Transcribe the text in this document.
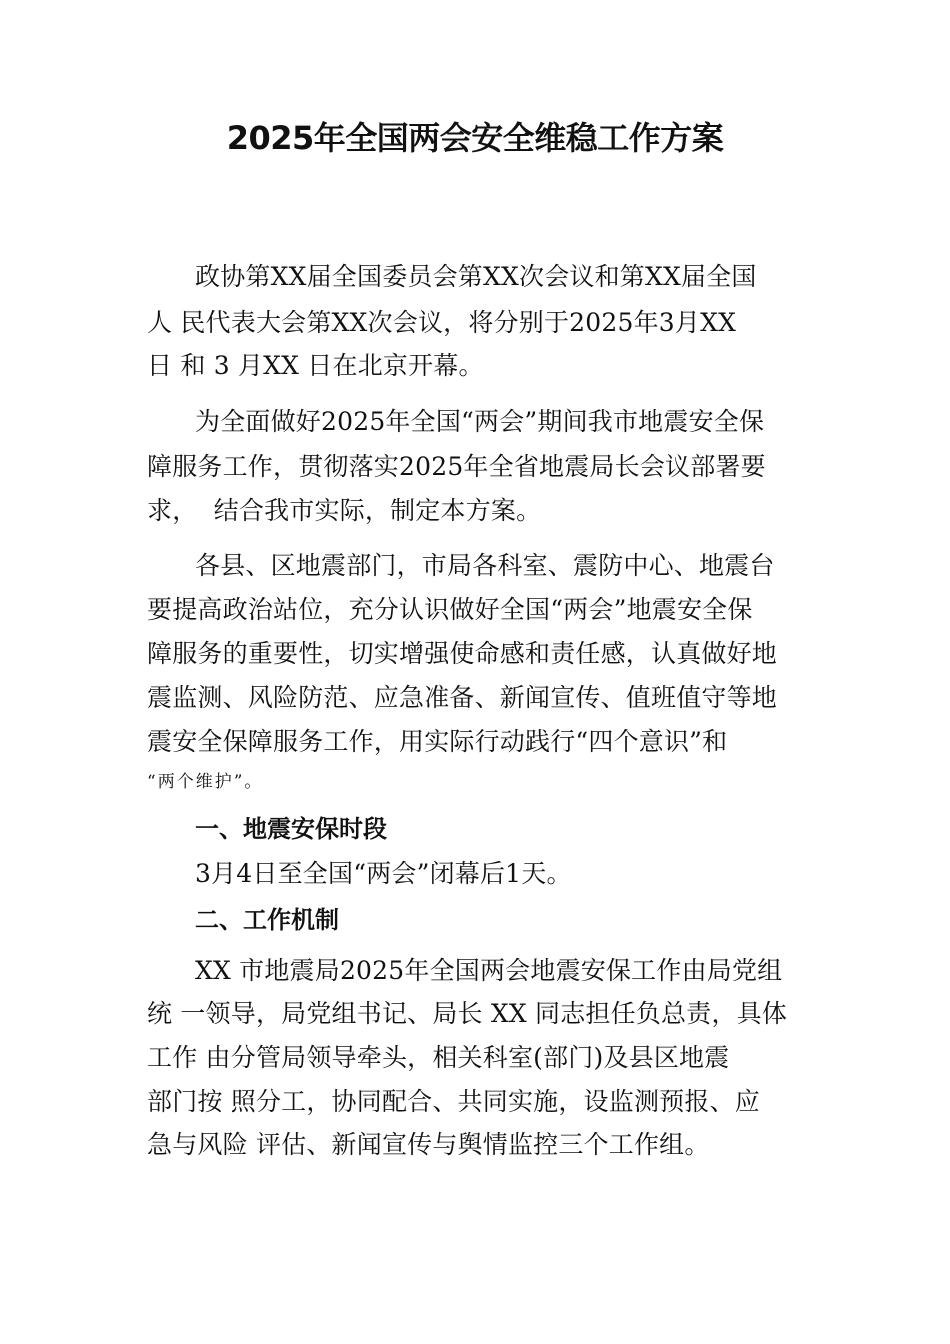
2025年全国两会安全维稳工作方案
政协第XX届全国委员会第XX次会议和第XX届全国
人 民代表大会第XX次会议，将分别于2025年3月XX
日 和 3 月XX 日在北京开幕。
为全面做好2025年全国“两会”期间我市地震安全保
障服务工作，贯彻落实2025年全省地震局长会议部署要
求，  结合我市实际，制定本方案。
各县、区地震部门，市局各科室、震防中心、地震台
要提高政治站位，充分认识做好全国“两会”地震安全保
障服务的重要性，切实增强使命感和责任感，认真做好地
震监测、风险防范、应急准备、新闻宣传、值班值守等地
震安全保障服务工作，用实际行动践行“四个意识”和
“两个维护”。
一、地震安保时段
3月4日至全国“两会”闭幕后1天。
二、工作机制
XX 市地震局2025年全国两会地震安保工作由局党组
统 一领导，局党组书记、局长 XX 同志担任负总责，具体
工作 由分管局领导牵头，相关科室(部门)及县区地震
部门按 照分工，协同配合、共同实施，设监测预报、应
急与风险 评估、新闻宣传与舆情监控三个工作组。
